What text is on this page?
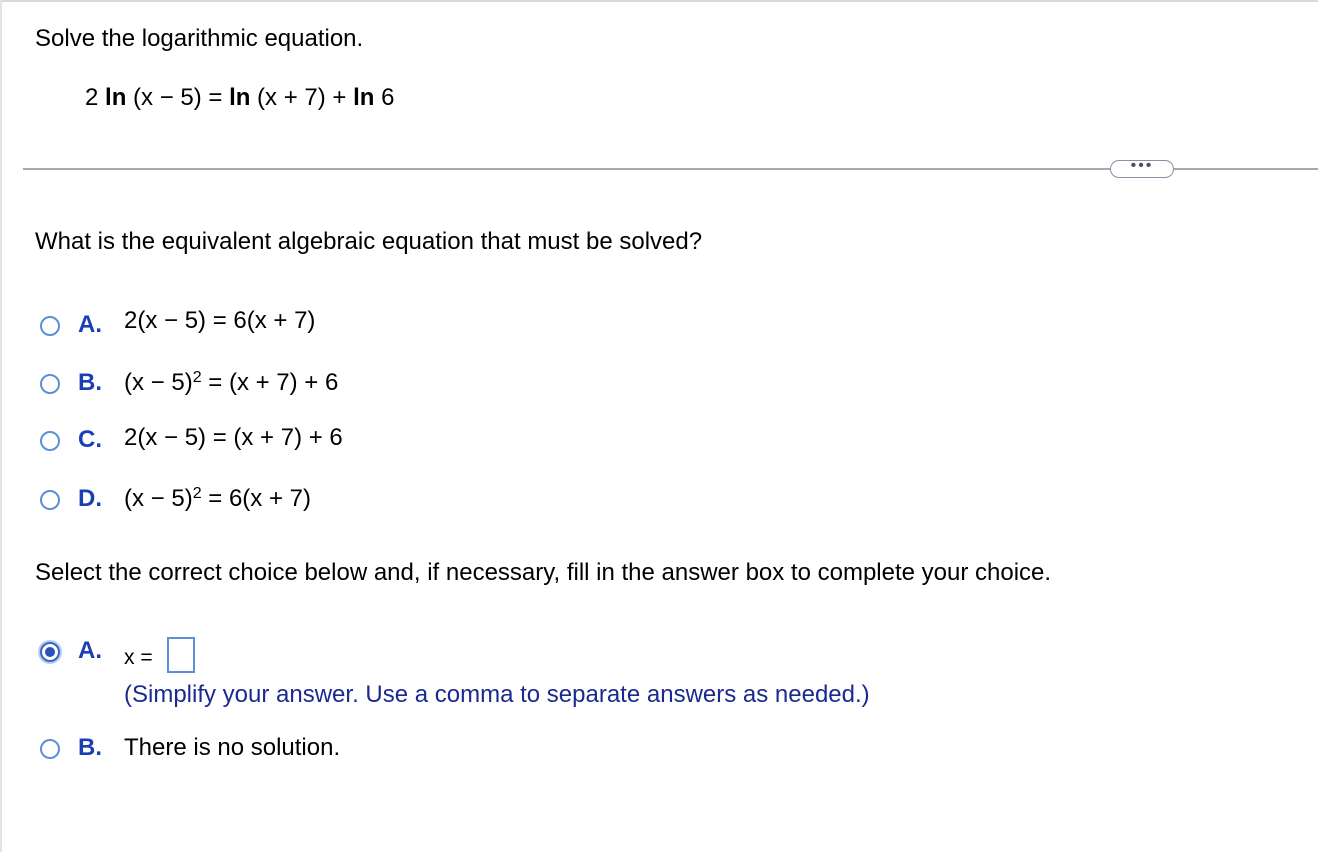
Solve the logarithmic equation.
2 ln (x − 5) = ln (x + 7) + ln 6
•••
What is the equivalent algebraic equation that must be solved?
A. 2(x − 5) = 6(x + 7)
B. $(x - 5)^2 = (x + 7) + 6$
C. 2(x − 5) = (x + 7) + 6
D. $(x - 5)^2 = 6(x + 7)$
Select the correct choice below and, if necessary, fill in the answer box to complete your choice.
A. x =
(Simplify your answer. Use a comma to separate answers as needed.)
B. There is no solution.
